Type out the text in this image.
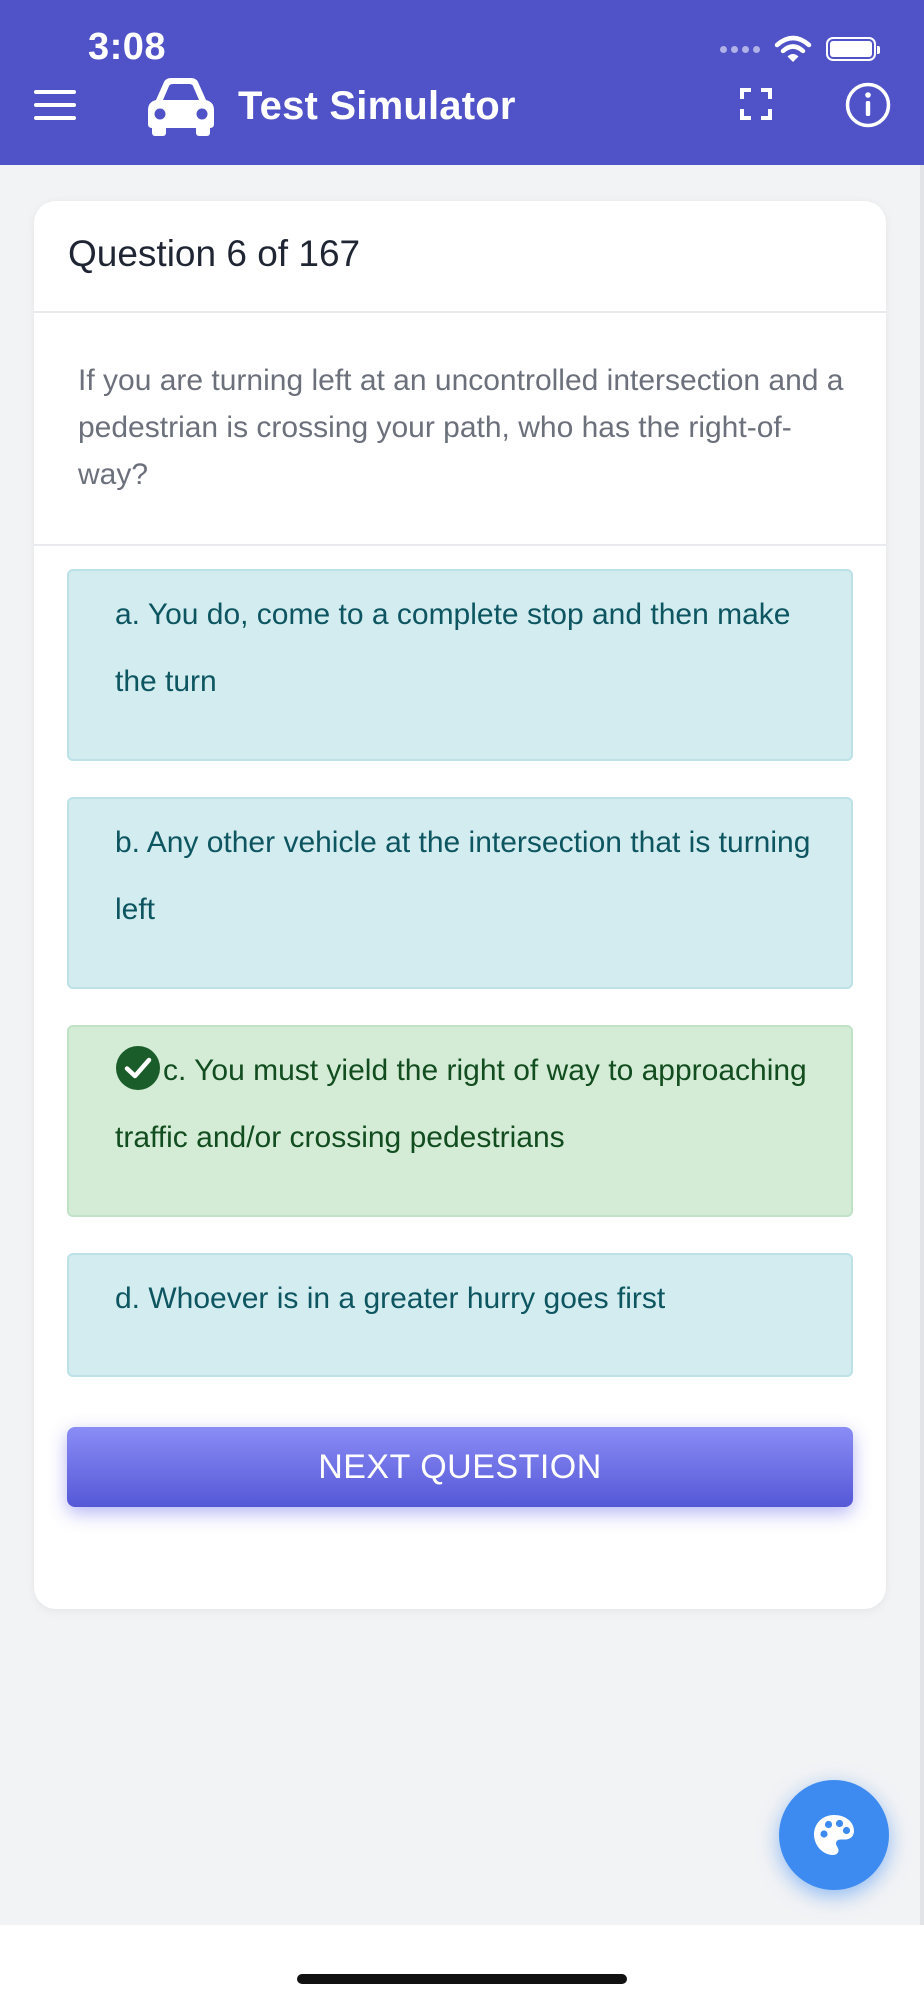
3:08
Test Simulator
Question 6 of 167
If you are turning left at an uncontrolled intersection and a pedestrian is crossing your path, who has the right-of-way?
a. You do, come to a complete stop and then make the turn
b. Any other vehicle at the intersection that is turning left
c. You must yield the right of way to approaching traffic and/or crossing pedestrians
d. Whoever is in a greater hurry goes first
NEXT QUESTION
